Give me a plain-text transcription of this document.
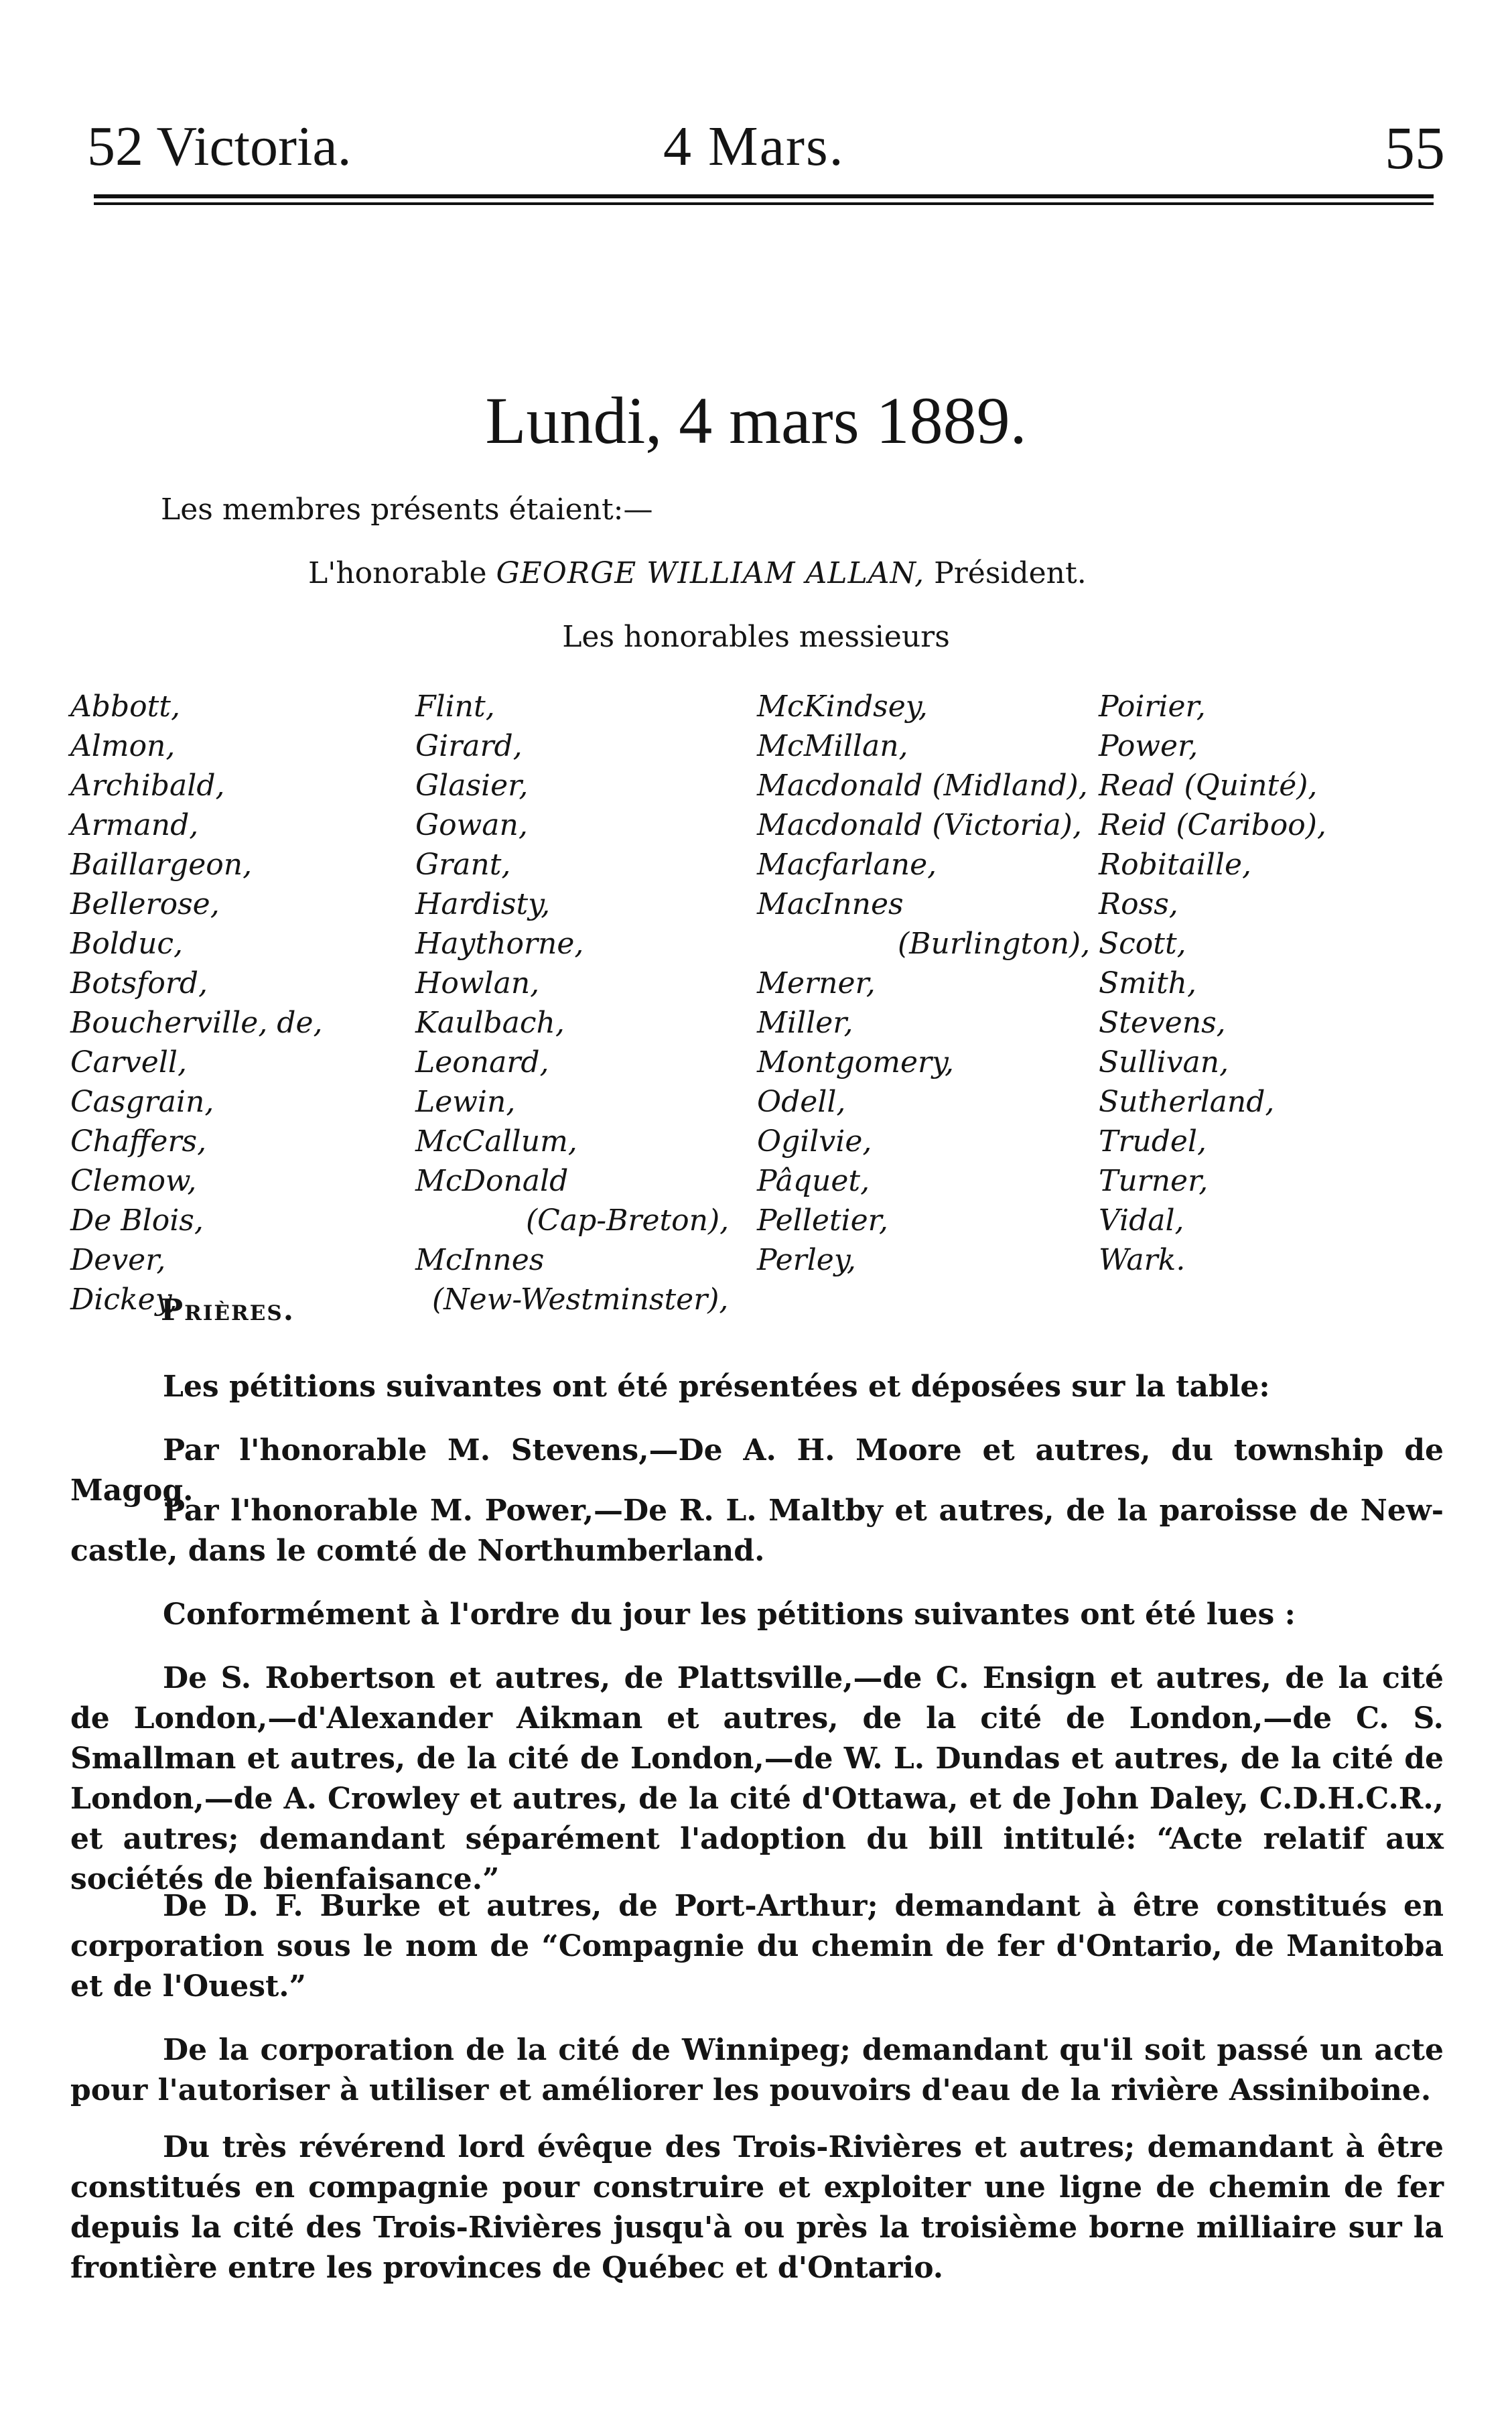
52 Victoria.	4 Mars.	55
Lundi, 4 mars 1889.
Les membres présents étaient:—
L'honorable GEORGE WILLIAM ALLAN, Président.
Les honorables messieurs
Abbott,
Almon,
Archibald,
Armand,
Baillargeon,
Bellerose,
Bolduc,
Botsford,
Boucherville, de,
Carvell,
Casgrain,
Chaffers,
Clemow,
De Blois,
Dever,
Dickey,
Flint,
Girard,
Glasier,
Gowan,
Grant,
Hardisty,
Haythorne,
Howlan,
Kaulbach,
Leonard,
Lewin,
McCallum,
McDonald
(Cap-Breton),
McInnes
(New-Westminster),
McKindsey,
McMillan,
Macdonald (Midland),
Macdonald (Victoria),
Macfarlane,
MacInnes
(Burlington),
Merner,
Miller,
Montgomery,
Odell,
Ogilvie,
Pâquet,
Pelletier,
Perley,
Poirier,
Power,
Read (Quinté),
Reid (Cariboo),
Robitaille,
Ross,
Scott,
Smith,
Stevens,
Sullivan,
Sutherland,
Trudel,
Turner,
Vidal,
Wark.
Prières.
Les pétitions suivantes ont été présentées et déposées sur la table:
Par l'honorable M. Stevens,—De A. H. Moore et autres, du township de Magog.
Par l'honorable M. Power,—De R. L. Maltby et autres, de la paroisse de New-castle, dans le comté de Northumberland.
Conformément à l'ordre du jour les pétitions suivantes ont été lues :
De S. Robertson et autres, de Plattsville,—de C. Ensign et autres, de la cité de London,—d'Alexander Aikman et autres, de la cité de London,—de C. S. Smallman et autres, de la cité de London,—de W. L. Dundas et autres, de la cité de London,—de A. Crowley et autres, de la cité d'Ottawa, et de John Daley, C.D.H.C.R., et autres; demandant séparément l'adoption du bill intitulé: “Acte relatif aux sociétés de bienfaisance.”
De D. F. Burke et autres, de Port-Arthur; demandant à être constitués en corporation sous le nom de “Compagnie du chemin de fer d'Ontario, de Manitoba et de l'Ouest.”
De la corporation de la cité de Winnipeg; demandant qu'il soit passé un acte pour l'autoriser à utiliser et améliorer les pouvoirs d'eau de la rivière Assiniboine.
Du très révérend lord évêque des Trois-Rivières et autres; demandant à être constitués en compagnie pour construire et exploiter une ligne de chemin de fer depuis la cité des Trois-Rivières jusqu'à ou près la troisième borne milliaire sur la frontière entre les provinces de Québec et d'Ontario.
